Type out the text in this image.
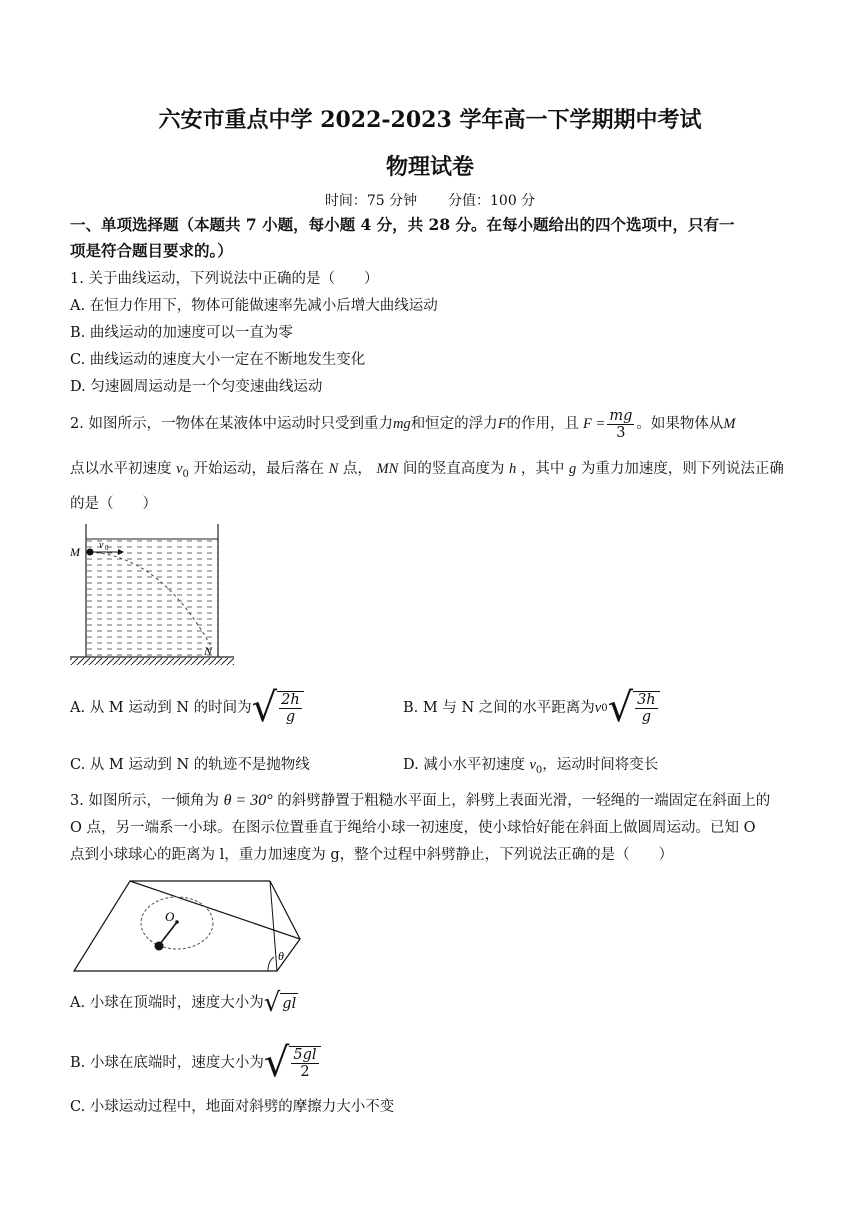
六安市重点中学 2022-2023 学年高一下学期期中考试
物理试卷
时间：75 分钟 分值：100 分
一、单项选择题（本题共 7 小题，每小题 4 分，共 28 分。在每小题给出的四个选项中，只有一
项是符合题目要求的。）
1. 关于曲线运动，下列说法中正确的是（　　）
A. 在恒力作用下，物体可能做速率先减小后增大曲线运动
B. 曲线运动的加速度可以一直为零
C. 曲线运动的速度大小一定在不断地发生变化
D. 匀速圆周运动是一个匀变速曲线运动
2. 如图所示，一物体在某液体中运动时只受到重力 mg 和恒定的浮力 F 的作用，且 $F = \frac{mg}{3}$ 。如果物体从 M
点以水平初速度 $v_0$ 开始运动，最后落在 N 点， MN 间的竖直高度为 h ，其中 g 为重力加速度，则下列说法正确
的是（　　）
M v 0
N
A. 从 M 运动到 N 的时间为 √ $\frac{2h}{g}$	B. M 与 N 之间的水平距离为 v 0 √ $\frac{3h}{g}$
C. 从 M 运动到 N 的轨迹不是抛物线	D. 减小水平初速度 $v_0$，运动时间将变长
3. 如图所示，一倾角为 θ = 30° 的斜劈静置于粗糙水平面上，斜劈上表面光滑，一轻绳的一端固定在斜面上的
O 点，另一端系一小球。在图示位置垂直于绳给小球一初速度，使小球恰好能在斜面上做圆周运动。已知 O
点到小球球心的距离为 l，重力加速度为 g，整个过程中斜劈静止，下列说法正确的是（　　）
O
θ
A. 小球在顶端时，速度大小为 √ gl
B. 小球在底端时，速度大小为 √ $\frac{5gl}{2}$
C. 小球运动过程中，地面对斜劈的摩擦力大小不变
